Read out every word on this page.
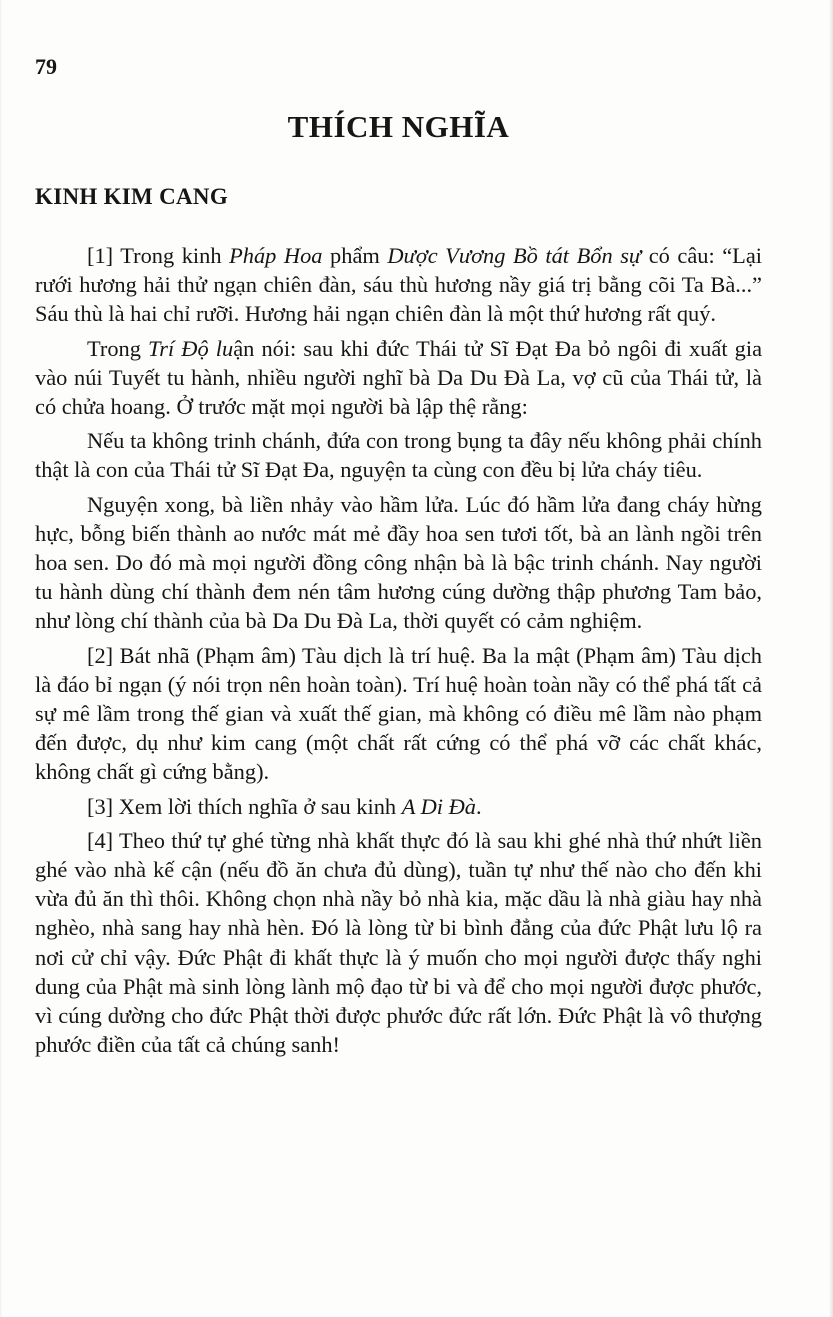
79
THÍCH NGHĨA
KINH KIM CANG

[1] Trong kinh Pháp Hoa phẩm Dược Vương Bồ tát Bổn sự có câu: “Lại rưới hương hải thử ngạn chiên đàn, sáu thù hương nầy giá trị bằng cõi Ta Bà...” Sáu thù là hai chỉ rưỡi. Hương hải ngạn chiên đàn là một thứ hương rất quý.

Trong Trí Độ luận nói: sau khi đức Thái tử Sĩ Đạt Đa bỏ ngôi đi xuất gia vào núi Tuyết tu hành, nhiều người nghĩ bà Da Du Đà La, vợ cũ của Thái tử, là có chửa hoang. Ở trước mặt mọi người bà lập thệ rằng:

Nếu ta không trinh chánh, đứa con trong bụng ta đây nếu không phải chính thật là con của Thái tử Sĩ Đạt Đa, nguyện ta cùng con đều bị lửa cháy tiêu.

Nguyện xong, bà liền nhảy vào hầm lửa. Lúc đó hầm lửa đang cháy hừng hực, bỗng biến thành ao nước mát mẻ đầy hoa sen tươi tốt, bà an lành ngồi trên hoa sen. Do đó mà mọi người đồng công nhận bà là bậc trinh chánh. Nay người tu hành dùng chí thành đem nén tâm hương cúng dường thập phương Tam bảo, như lòng chí thành của bà Da Du Đà La, thời quyết có cảm nghiệm.

[2] Bát nhã (Phạm âm) Tàu dịch là trí huệ. Ba la mật (Phạm âm) Tàu dịch là đáo bỉ ngạn (ý nói trọn nên hoàn toàn). Trí huệ hoàn toàn nầy có thể phá tất cả sự mê lầm trong thế gian và xuất thế gian, mà không có điều mê lầm nào phạm đến được, dụ như kim cang (một chất rất cứng có thể phá vỡ các chất khác, không chất gì cứng bằng).

[3] Xem lời thích nghĩa ở sau kinh A Di Đà.

[4] Theo thứ tự ghé từng nhà khất thực đó là sau khi ghé nhà thứ nhứt liền ghé vào nhà kế cận (nếu đồ ăn chưa đủ dùng), tuần tự như thế nào cho đến khi vừa đủ ăn thì thôi. Không chọn nhà nầy bỏ nhà kia, mặc dầu là nhà giàu hay nhà nghèo, nhà sang hay nhà hèn. Đó là lòng từ bi bình đẳng của đức Phật lưu lộ ra nơi cử chỉ vậy. Đức Phật đi khất thực là ý muốn cho mọi người được thấy nghi dung của Phật mà sinh lòng lành mộ đạo từ bi và để cho mọi người được phước, vì cúng dường cho đức Phật thời được phước đức rất lớn. Đức Phật là vô thượng phước điền của tất cả chúng sanh!
